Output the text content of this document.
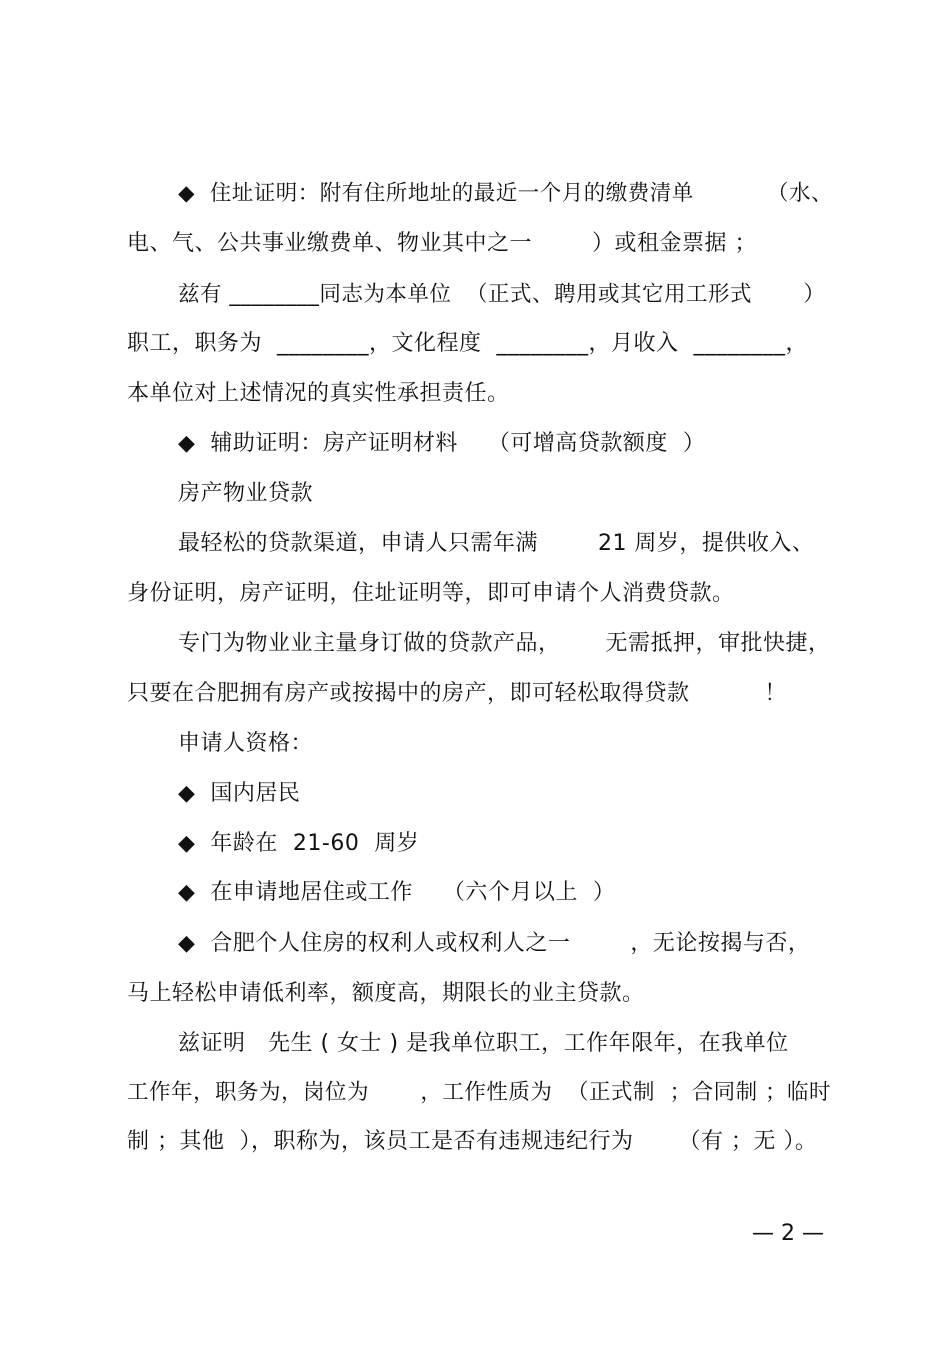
◆  住址证明：附有住所地址的最近一个月的缴费清单          （水、
电、气、公共事业缴费单、物业其中之一        ）或租金票据 ；
兹有 ________同志为本单位  （正式、聘用或其它用工形式       ）
职工，职务为  ________，文化程度  ________，月收入  ________，
本单位对上述情况的真实性承担责任。
◆  辅助证明：房产证明材料    （可增高贷款额度  ）
房产物业贷款
最轻松的贷款渠道，申请人只需年满        21 周岁，提供收入、
身份证明，房产证明，住址证明等，即可申请个人消费贷款。
专门为物业业主量身订做的贷款产品，      无需抵押，审批快捷，
只要在合肥拥有房产或按揭中的房产，即可轻松取得贷款          ！
申请人资格：
◆  国内居民
◆  年龄在  21-60  周岁
◆  在申请地居住或工作    （六个月以上  ）
◆  合肥个人住房的权利人或权利人之一        ，无论按揭与否，
马上轻松申请低利率，额度高，期限长的业主贷款。
兹证明   先生 ( 女士 ) 是我单位职工，工作年限年，在我单位
工作年，职务为，岗位为       ，工作性质为  （正式制  ；合同制 ；临时
制 ；其他  ），职称为，该员工是否有违规违纪行为      （有 ；无 ）。
— 2 —
